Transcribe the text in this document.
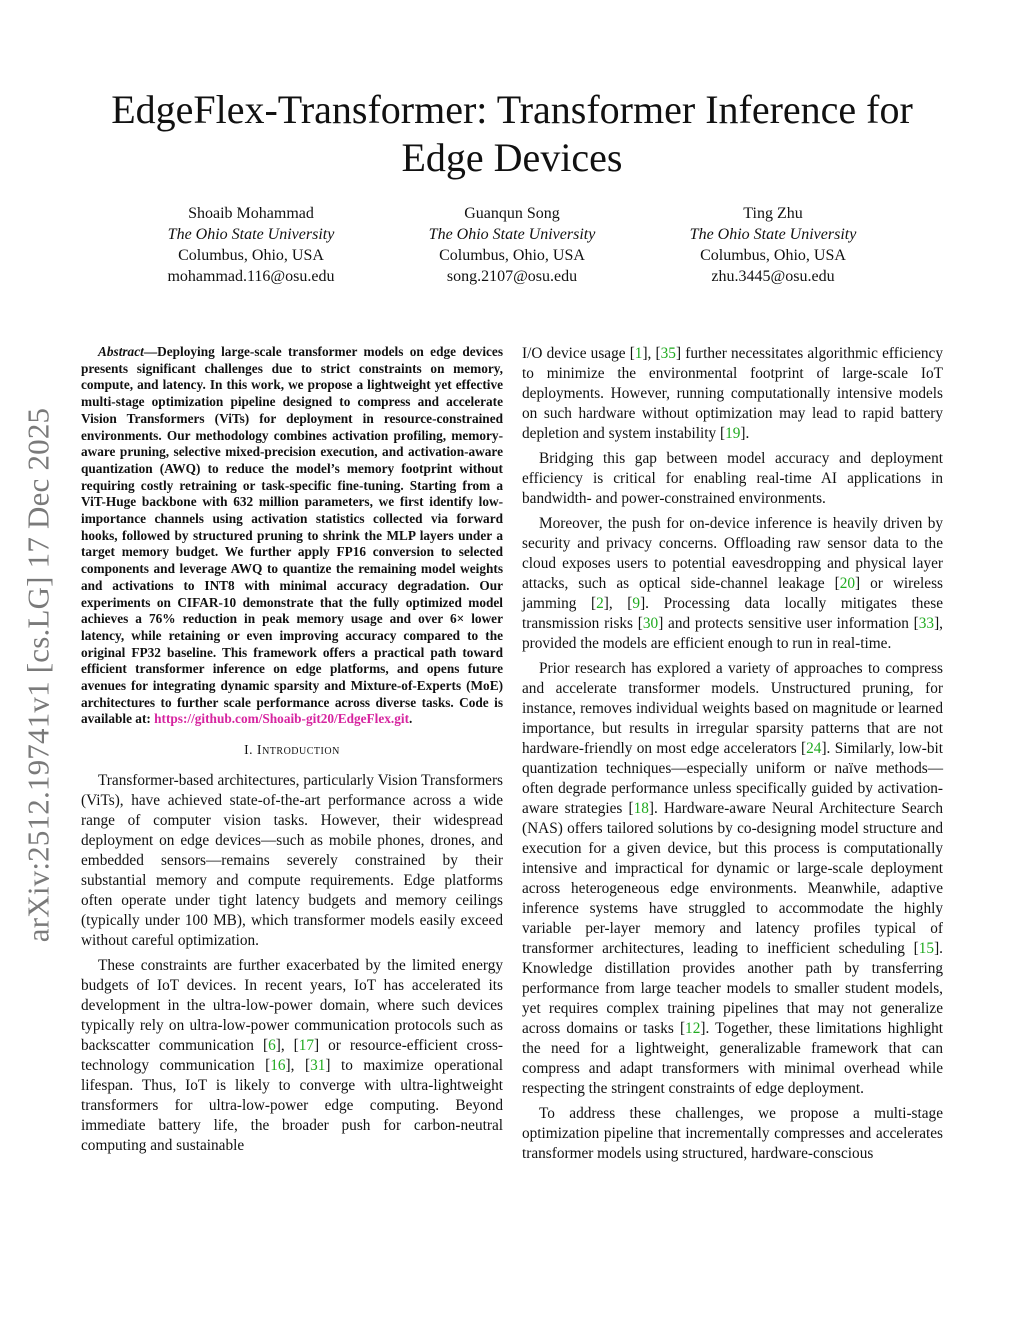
arXiv:2512.19741v1 [cs.LG] 17 Dec 2025
EdgeFlex-Transformer: Transformer Inference for
Edge Devices
Shoaib Mohammad
The Ohio State University
Columbus, Ohio, USA
mohammad.116@osu.edu
Guanqun Song
The Ohio State University
Columbus, Ohio, USA
song.2107@osu.edu
Ting Zhu
The Ohio State University
Columbus, Ohio, USA
zhu.3445@osu.edu

Abstract—Deploying large-scale transformer models on edge devices presents significant challenges due to strict constraints on memory, compute, and latency. In this work, we propose a lightweight yet effective multi-stage optimization pipeline designed to compress and accelerate Vision Transformers (ViTs) for deployment in resource-constrained environments. Our methodology combines activation profiling, memory-aware pruning, selective mixed-precision execution, and activation-aware quantization (AWQ) to reduce the model’s memory footprint without requiring costly retraining or task-specific fine-tuning. Starting from a ViT-Huge backbone with 632 million parameters, we first identify low-importance channels using activation statistics collected via forward hooks, followed by structured pruning to shrink the MLP layers under a target memory budget. We further apply FP16 conversion to selected components and leverage AWQ to quantize the remaining model weights and activations to INT8 with minimal accuracy degradation. Our experiments on CIFAR-10 demonstrate that the fully optimized model achieves a 76% reduction in peak memory usage and over 6× lower latency, while retaining or even improving accuracy compared to the original FP32 baseline. This framework offers a practical path toward efficient transformer inference on edge platforms, and opens future avenues for integrating dynamic sparsity and Mixture-of-Experts (MoE) architectures to further scale performance across diverse tasks. Code is available at: https://github.com/Shoaib-git20/EdgeFlex.git.

I. Introduction

Transformer-based architectures, particularly Vision Transformers (ViTs), have achieved state-of-the-art performance across a wide range of computer vision tasks. However, their widespread deployment on edge devices—such as mobile phones, drones, and embedded sensors—remains severely constrained by their substantial memory and compute requirements. Edge platforms often operate under tight latency budgets and memory ceilings (typically under 100 MB), which transformer models easily exceed without careful optimization.

These constraints are further exacerbated by the limited energy budgets of IoT devices. In recent years, IoT has accelerated its development in the ultra-low-power domain, where such devices typically rely on ultra-low-power communication protocols such as backscatter communication [6], [17] or resource-efficient cross-technology communication [16], [31] to maximize operational lifespan. Thus, IoT is likely to converge with ultra-lightweight transformers for ultra-low-power edge computing. Beyond immediate battery life, the broader push for carbon-neutral computing and sustainable

I/O device usage [1], [35] further necessitates algorithmic efficiency to minimize the environmental footprint of large-scale IoT deployments. However, running computationally intensive models on such hardware without optimization may lead to rapid battery depletion and system instability [19].

Bridging this gap between model accuracy and deployment efficiency is critical for enabling real-time AI applications in bandwidth- and power-constrained environments.

Moreover, the push for on-device inference is heavily driven by security and privacy concerns. Offloading raw sensor data to the cloud exposes users to potential eavesdropping and physical layer attacks, such as optical side-channel leakage [20] or wireless jamming [2], [9]. Processing data locally mitigates these transmission risks [30] and protects sensitive user information [33], provided the models are efficient enough to run in real-time.

Prior research has explored a variety of approaches to compress and accelerate transformer models. Unstructured pruning, for instance, removes individual weights based on magnitude or learned importance, but results in irregular sparsity patterns that are not hardware-friendly on most edge accelerators [24]. Similarly, low-bit quantization techniques—especially uniform or naïve methods—often degrade performance unless specifically guided by activation-aware strategies [18]. Hardware-aware Neural Architecture Search (NAS) offers tailored solutions by co-designing model structure and execution for a given device, but this process is computationally intensive and impractical for dynamic or large-scale deployment across heterogeneous edge environments. Meanwhile, adaptive inference systems have struggled to accommodate the highly variable per-layer memory and latency profiles typical of transformer architectures, leading to inefficient scheduling [15]. Knowledge distillation provides another path by transferring performance from large teacher models to smaller student models, yet requires complex training pipelines that may not generalize across domains or tasks [12]. Together, these limitations highlight the need for a lightweight, generalizable framework that can compress and adapt transformers with minimal overhead while respecting the stringent constraints of edge deployment.

To address these challenges, we propose a multi-stage optimization pipeline that incrementally compresses and accelerates transformer models using structured, hardware-conscious
